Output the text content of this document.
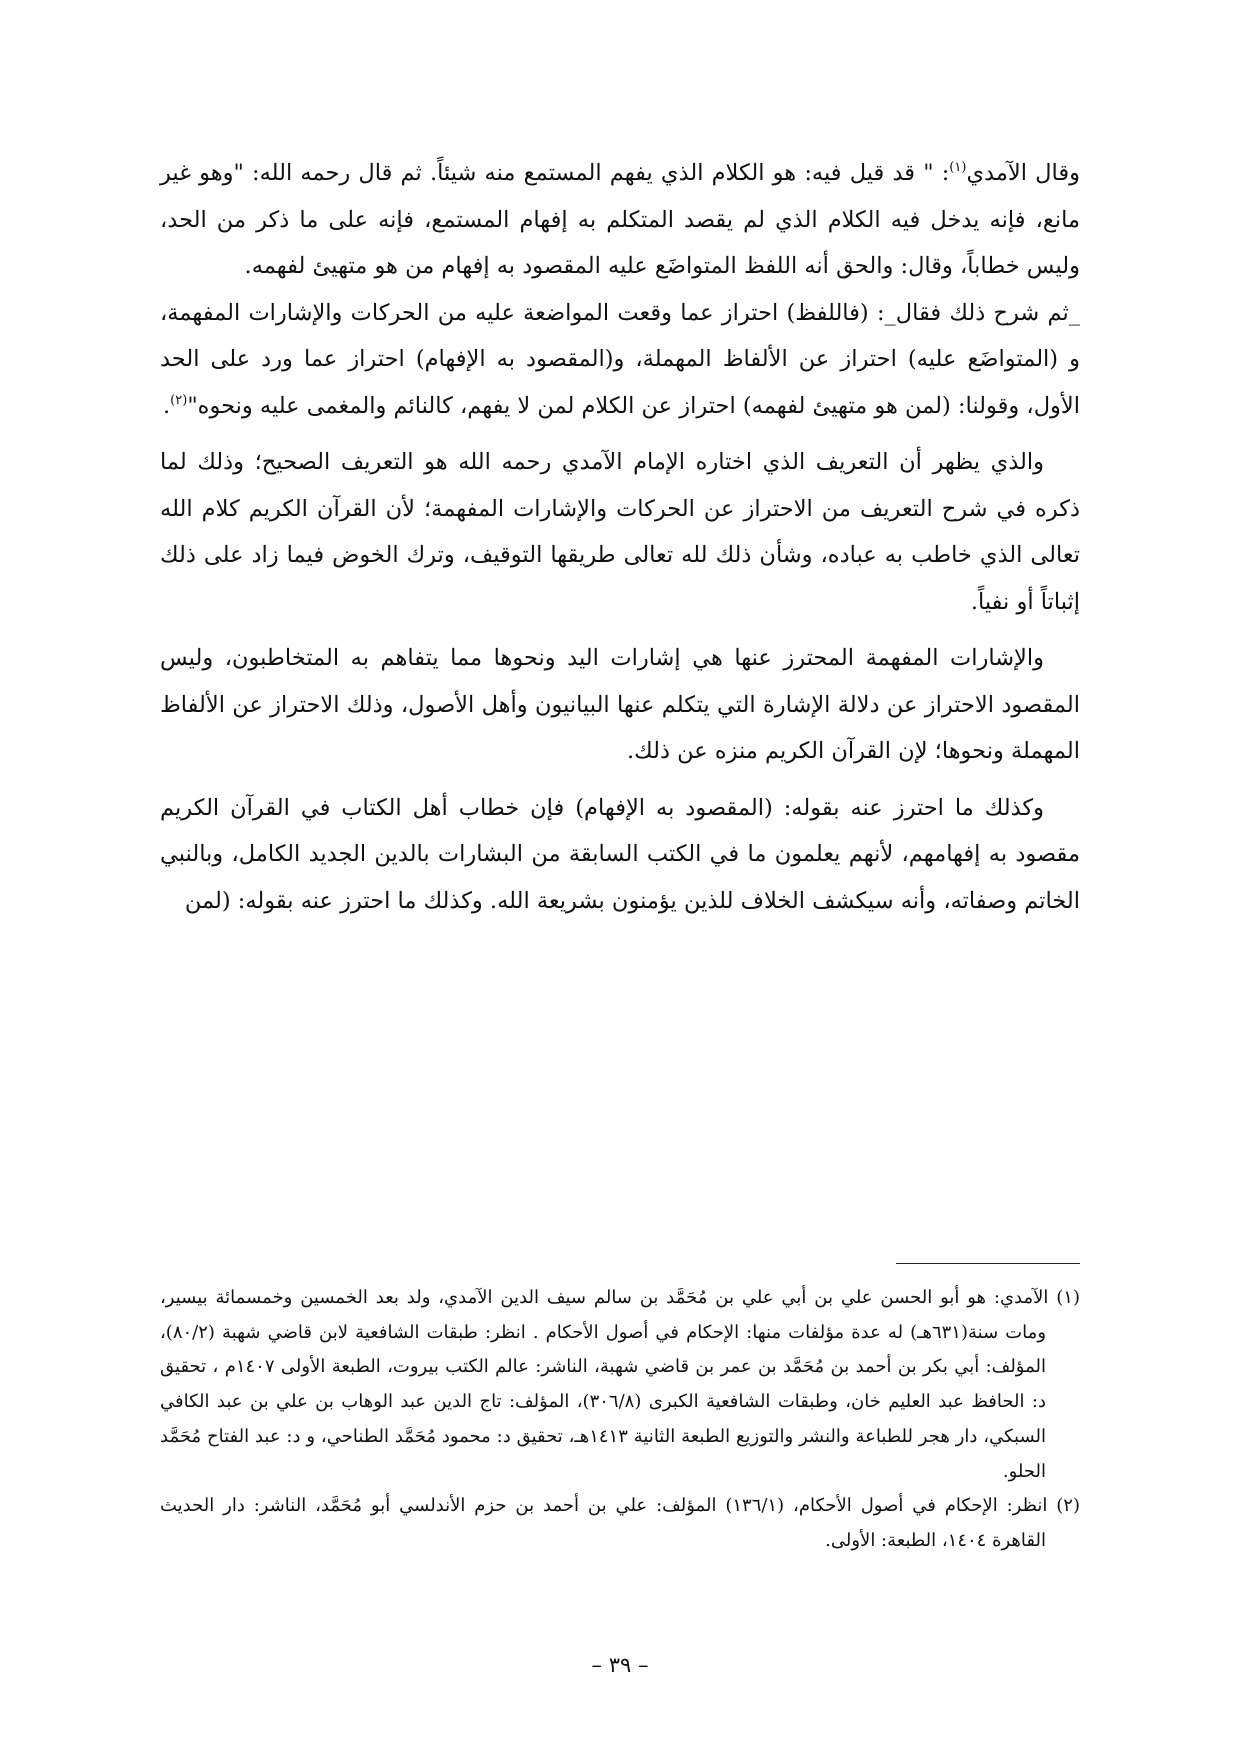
وقال الآمدي$^{(١)}$: " قد قيل فيه: هو الكلام الذي يفهم المستمع منه شيئاً. ثم قال رحمه الله: "وهو غير مانع، فإنه يدخل فيه الكلام الذي لم يقصد المتكلم به إفهام المستمع، فإنه على ما ذكر من الحد، وليس خطاباً، وقال: والحق أنه اللفظ المتواضَع عليه المقصود به إفهام من هو متهيئ لفهمه.

_ثم شرح ذلك فقال_: (فاللفظ) احتراز عما وقعت المواضعة عليه من الحركات والإشارات المفهمة، و (المتواضَع عليه) احتراز عن الألفاظ المهملة، و(المقصود به الإفهام) احتراز عما ورد على الحد الأول، وقولنا: (لمن هو متهيئ لفهمه) احتراز عن الكلام لمن لا يفهم، كالنائم والمغمى عليه ونحوه"$^{(٢)}$.

والذي يظهر أن التعريف الذي اختاره الإمام الآمدي رحمه الله هو التعريف الصحيح؛ وذلك لما ذكره في شرح التعريف من الاحتراز عن الحركات والإشارات المفهمة؛ لأن القرآن الكريم كلام الله تعالى الذي خاطب به عباده، وشأن ذلك لله تعالى طريقها التوقيف، وترك الخوض فيما زاد على ذلك إثباتاً أو نفياً.

والإشارات المفهمة المحترز عنها هي إشارات اليد ونحوها مما يتفاهم به المتخاطبون، وليس المقصود الاحتراز عن دلالة الإشارة التي يتكلم عنها البيانيون وأهل الأصول، وذلك الاحتراز عن الألفاظ المهملة ونحوها؛ لإن القرآن الكريم منزه عن ذلك.

وكذلك ما احترز عنه بقوله: (المقصود به الإفهام) فإن خطاب أهل الكتاب في القرآن الكريم مقصود به إفهامهم، لأنهم يعلمون ما في الكتب السابقة من البشارات بالدين الجديد الكامل، وبالنبي الخاتم وصفاته، وأنه سيكشف الخلاف للذين يؤمنون بشريعة الله. وكذلك ما احترز عنه بقوله: (لمن

(١) الآمدي: هو أبو الحسن علي بن أبي علي بن مُحَمَّد بن سالم سيف الدين الآمدي، ولد بعد الخمسين وخمسمائة بيسير، ومات سنة(٦٣١هـ) له عدة مؤلفات منها: الإحكام في أصول الأحكام . انظر: طبقات الشافعية لابن قاضي شهبة (٨٠/٢)، المؤلف: أبي بكر بن أحمد بن مُحَمَّد بن عمر بن قاضي شهبة، الناشر: عالم الكتب بيروت، الطبعة الأولى ١٤٠٧م ، تحقيق د: الحافظ عبد العليم خان، وطبقات الشافعية الكبرى (٣٠٦/٨)، المؤلف: تاج الدين عبد الوهاب بن علي بن عبد الكافي السبكي، دار هجر للطباعة والنشر والتوزيع الطبعة الثانية ١٤١٣هـ، تحقيق د: محمود مُحَمَّد الطناحي، و د: عبد الفتاح مُحَمَّد الحلو.

(٢) انظر: الإحكام في أصول الأحكام، (١٣٦/١) المؤلف: علي بن أحمد بن حزم الأندلسي أبو مُحَمَّد، الناشر: دار الحديث القاهرة ١٤٠٤، الطبعة: الأولى.

– ٣٩ –
